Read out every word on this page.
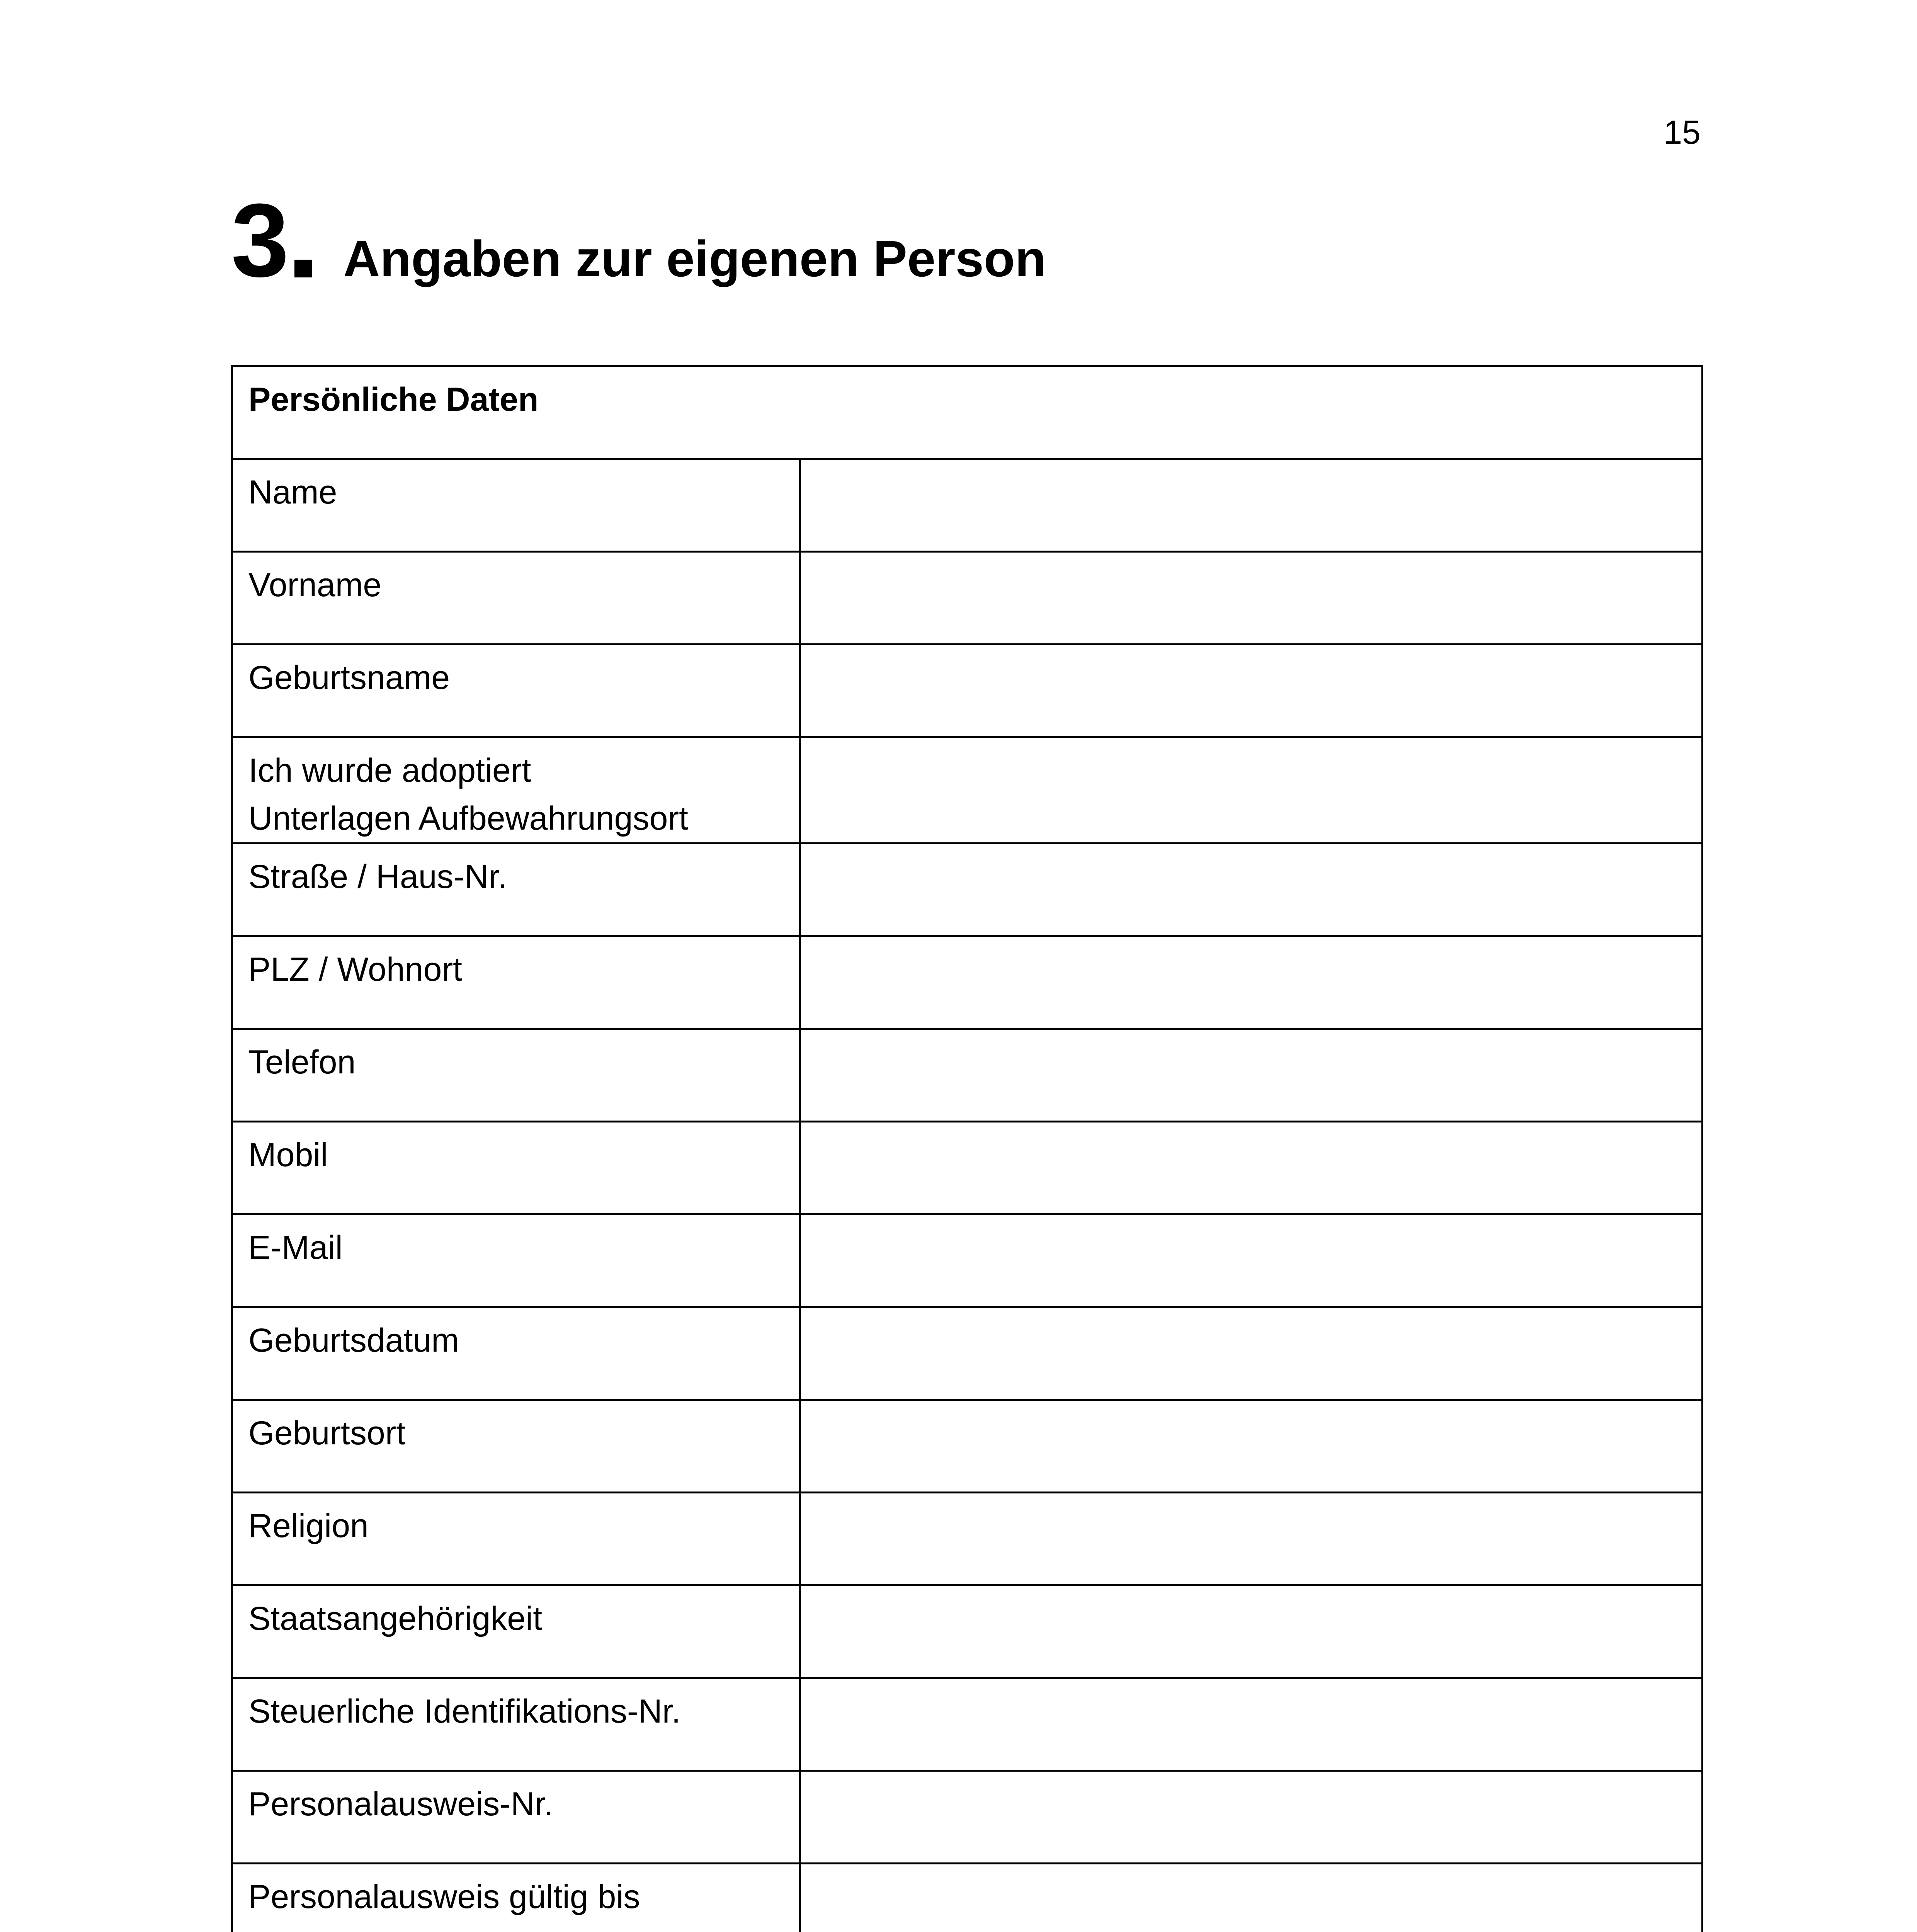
15
3 Angaben zur eigenen Person
Persönliche Daten	

Name	

Vorname	

Geburtsname	

Ich wurde adoptiert
Unterlagen Aufbewahrungsort	

Straße / Haus-Nr.	

PLZ / Wohnort	

Telefon	

Mobil	

E-Mail	

Geburtsdatum	

Geburtsort	

Religion	

Staatsangehörigkeit	

Steuerliche Identifikations-Nr.	

Personalausweis-Nr.	

Personalausweis gültig bis	
